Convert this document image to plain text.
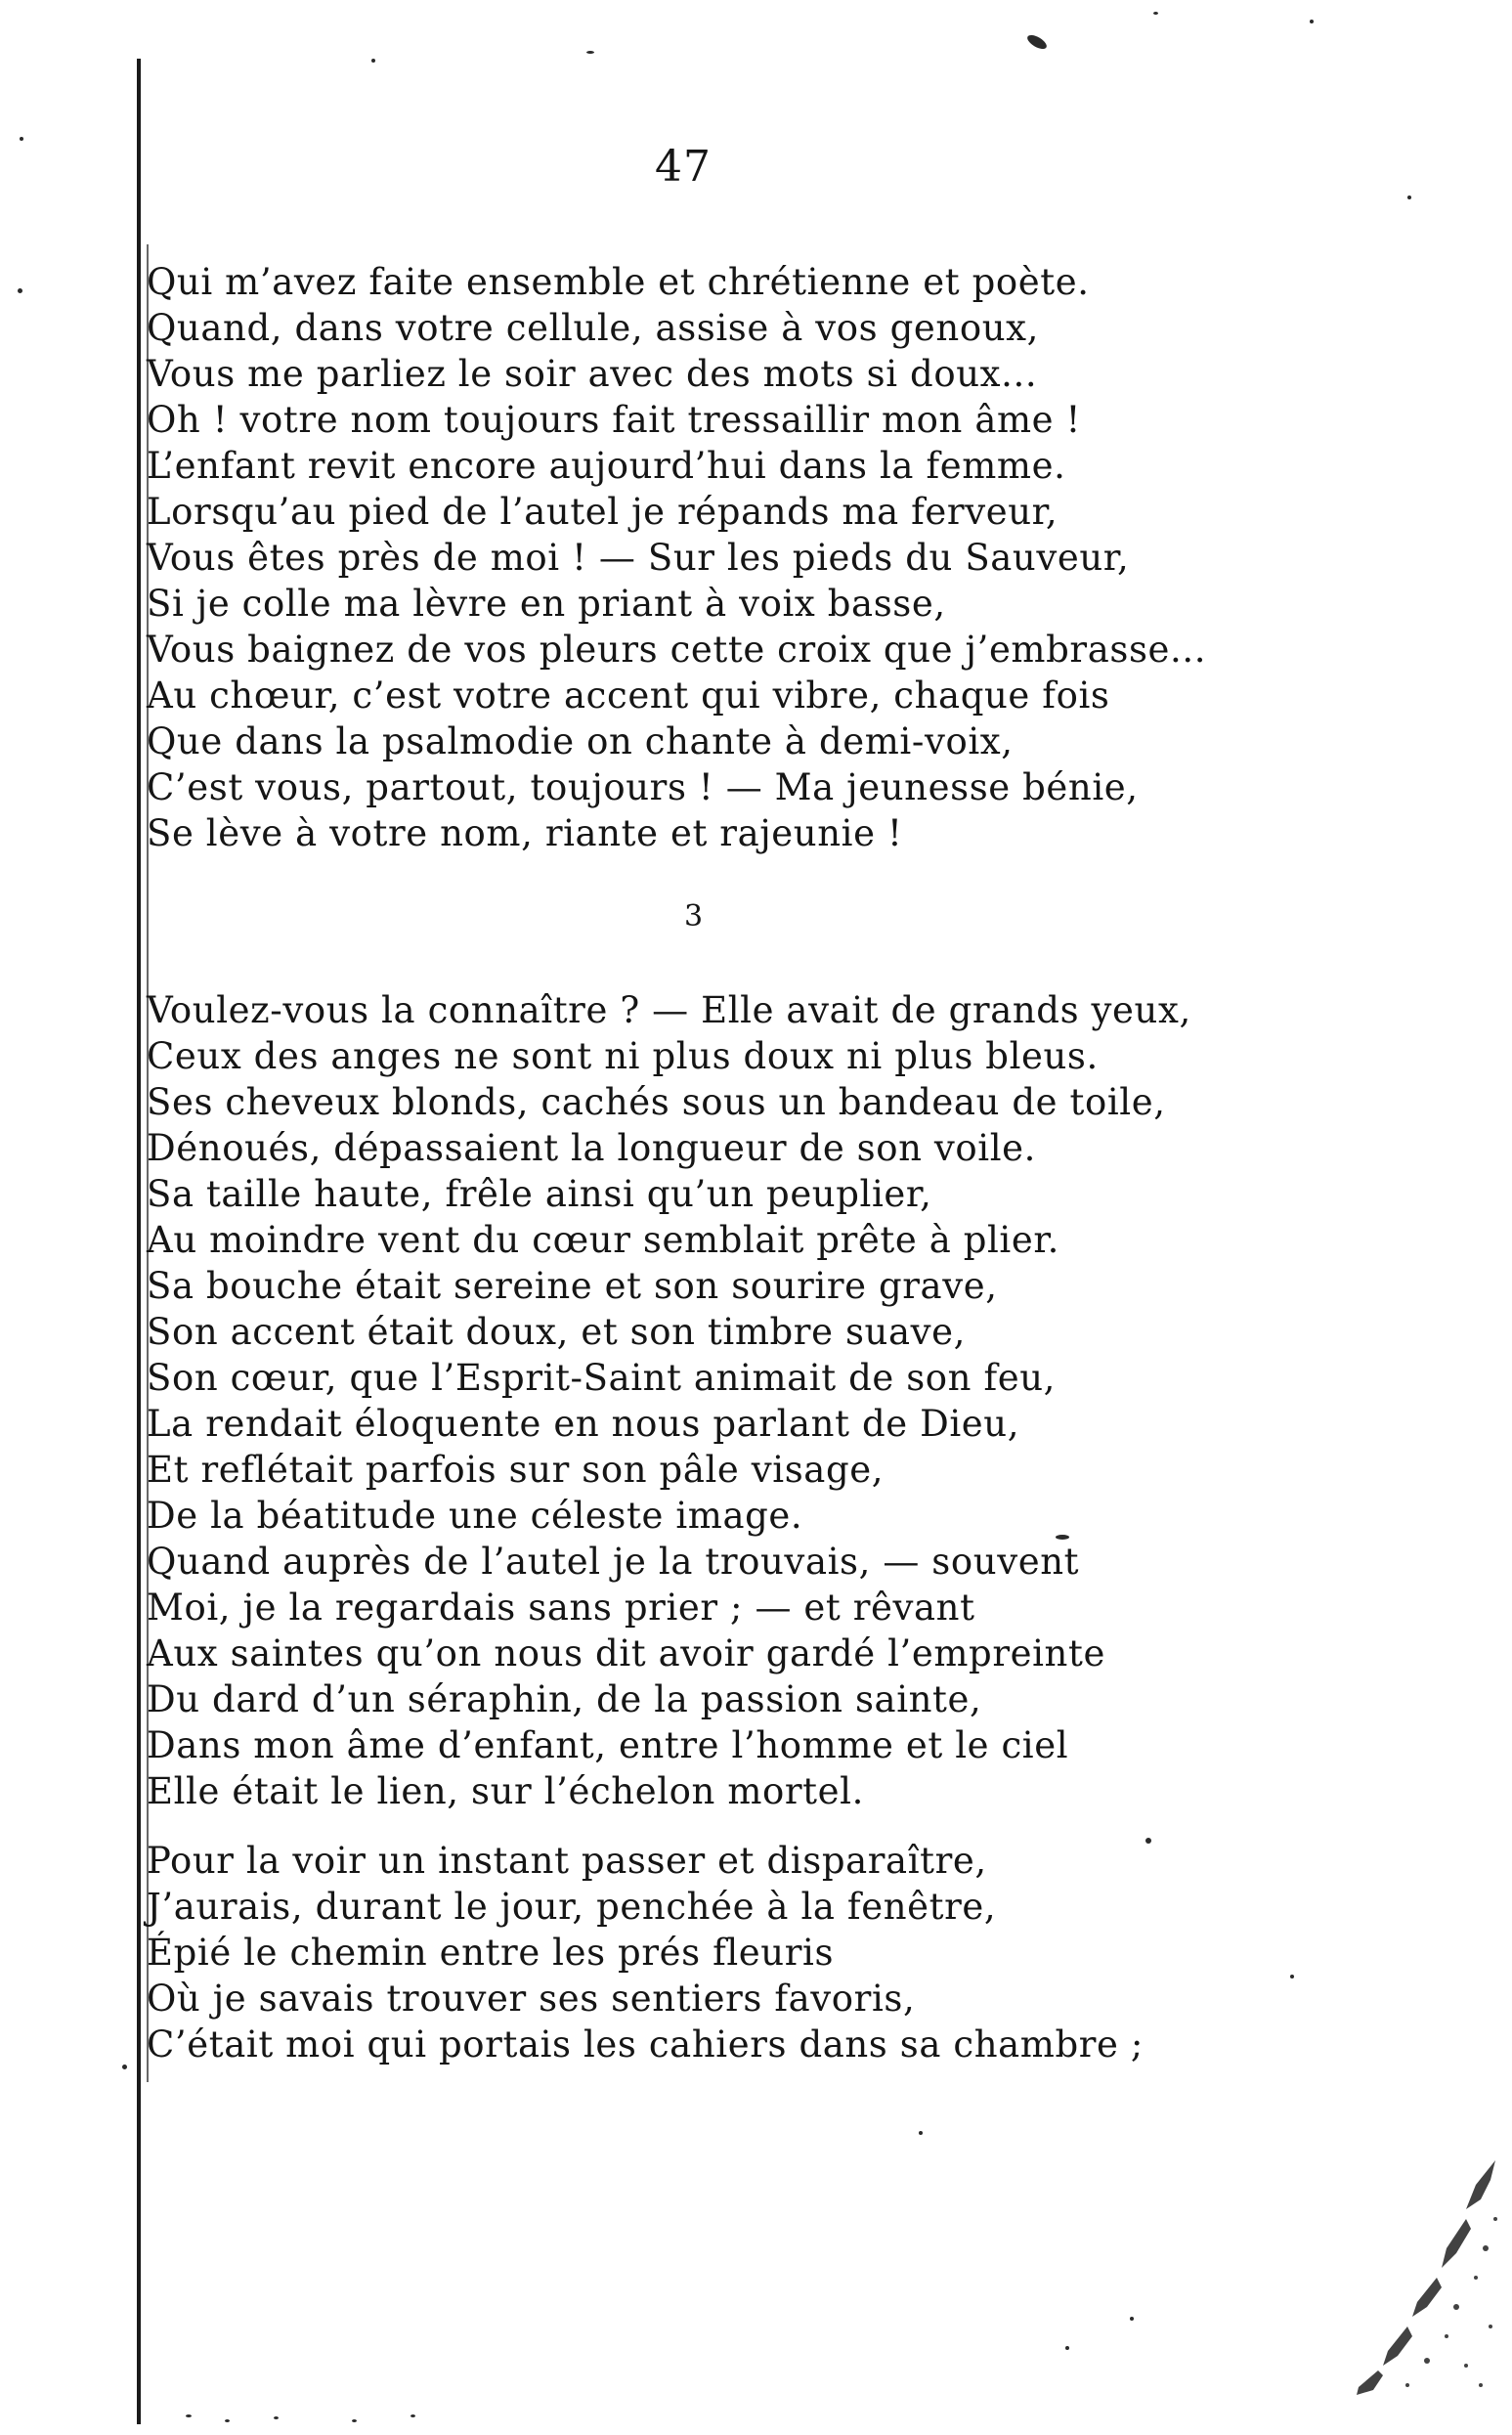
47
Qui m’avez faite ensemble et chrétienne et poète.
Quand, dans votre cellule, assise à vos genoux,
Vous me parliez le soir avec des mots si doux...
Oh ! votre nom toujours fait tressaillir mon âme !
L’enfant revit encore aujourd’hui dans la femme.
Lorsqu’au pied de l’autel je répands ma ferveur,
Vous êtes près de moi ! — Sur les pieds du Sauveur,
Si je colle ma lèvre en priant à voix basse,
Vous baignez de vos pleurs cette croix que j’embrasse...
Au chœur, c’est votre accent qui vibre, chaque fois
Que dans la psalmodie on chante à demi-voix,
C’est vous, partout, toujours ! — Ma jeunesse bénie,
Se lève à votre nom, riante et rajeunie !
3
Voulez-vous la connaître ? — Elle avait de grands yeux,
Ceux des anges ne sont ni plus doux ni plus bleus.
Ses cheveux blonds, cachés sous un bandeau de toile,
Dénoués, dépassaient la longueur de son voile.
Sa taille haute, frêle ainsi qu’un peuplier,
Au moindre vent du cœur semblait prête à plier.
Sa bouche était sereine et son sourire grave,
Son accent était doux, et son timbre suave,
Son cœur, que l’Esprit-Saint animait de son feu,
La rendait éloquente en nous parlant de Dieu,
Et reflétait parfois sur son pâle visage,
De la béatitude une céleste image.
Quand auprès de l’autel je la trouvais, — souvent
Moi, je la regardais sans prier ; — et rêvant
Aux saintes qu’on nous dit avoir gardé l’empreinte
Du dard d’un séraphin, de la passion sainte,
Dans mon âme d’enfant, entre l’homme et le ciel
Elle était le lien, sur l’échelon mortel.
Pour la voir un instant passer et disparaître,
J’aurais, durant le jour, penchée à la fenêtre,
Épié le chemin entre les prés fleuris
Où je savais trouver ses sentiers favoris,
C’était moi qui portais les cahiers dans sa chambre ;
